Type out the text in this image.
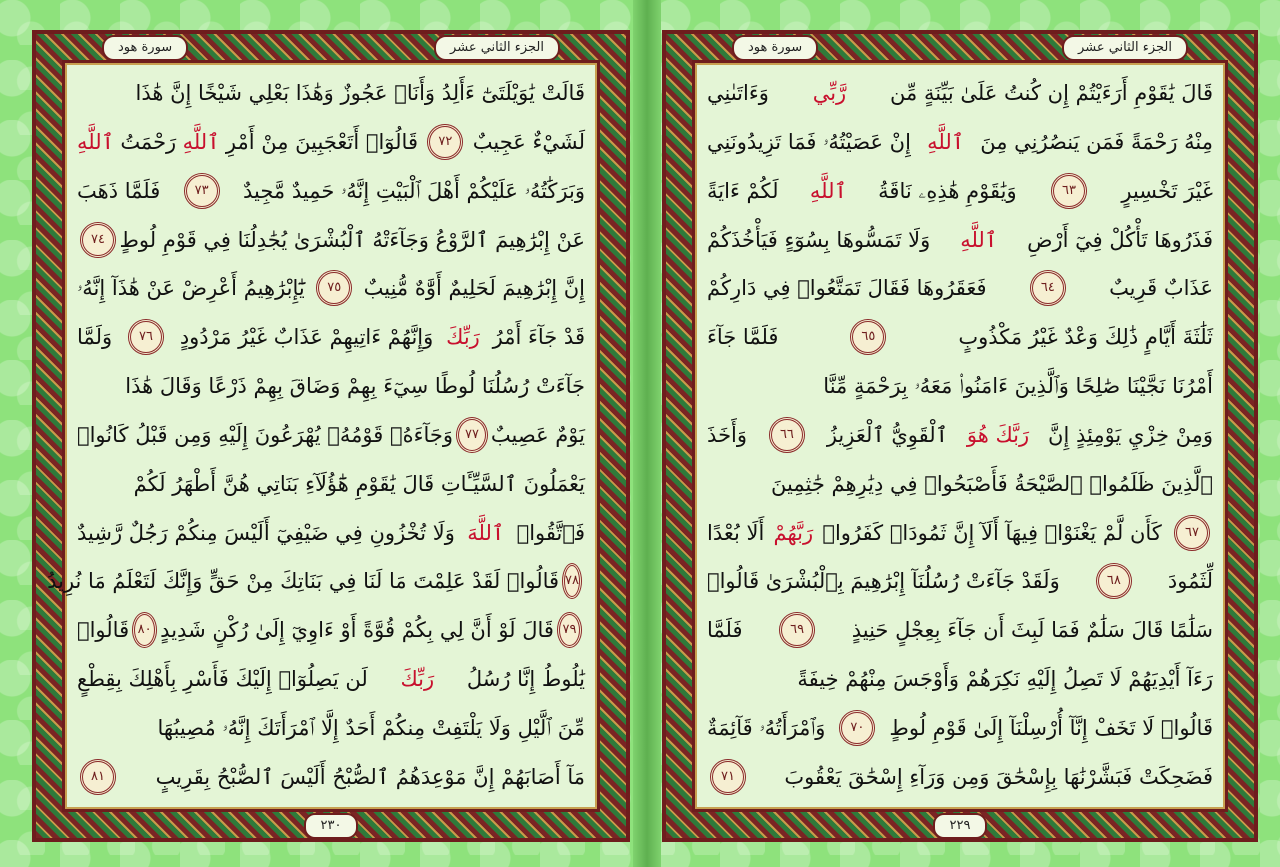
الجزء الثاني عشر
سورة هود
قَالَتْ يَٰوَيْلَتَىٰٓ ءَأَلِدُ وَأَنَا۠ عَجُوزٌ وَهَٰذَا بَعْلِي شَيْخًا إِنَّ هَٰذَا
لَشَيْءٌ عَجِيبٌ
٧٢
قَالُوٓا۟ أَتَعْجَبِينَ مِنْ أَمْرِ
ٱللَّهِ
رَحْمَتُ
ٱللَّهِ
وَبَرَكَٰتُهُۥ عَلَيْكُمْ أَهْلَ ٱلْبَيْتِ إِنَّهُۥ حَمِيدٌ مَّجِيدٌ
٧٣
فَلَمَّا ذَهَبَ
عَنْ إِبْرَٰهِيمَ ٱلرَّوْعُ وَجَآءَتْهُ ٱلْبُشْرَىٰ يُجَٰدِلُنَا فِي قَوْمِ لُوطٍ
٧٤
إِنَّ إِبْرَٰهِيمَ لَحَلِيمٌ أَوَّٰهٌ مُّنِيبٌ
٧٥
يَٰٓإِبْرَٰهِيمُ أَعْرِضْ عَنْ هَٰذَآ إِنَّهُۥ
قَدْ جَآءَ أَمْرُ
رَبِّكَ
وَإِنَّهُمْ ءَاتِيهِمْ عَذَابٌ غَيْرُ مَرْدُودٍ
٧٦
وَلَمَّا
جَآءَتْ رُسُلُنَا لُوطًا سِيٓءَ بِهِمْ وَضَاقَ بِهِمْ ذَرْعًا وَقَالَ هَٰذَا
يَوْمٌ عَصِيبٌ
٧٧
وَجَآءَهُۥ قَوْمُهُۥ يُهْرَعُونَ إِلَيْهِ وَمِن قَبْلُ كَانُوا۟
يَعْمَلُونَ ٱلسَّيِّـَٔاتِ قَالَ يَٰقَوْمِ هَٰٓؤُلَآءِ بَنَاتِي هُنَّ أَطْهَرُ لَكُمْ
فَٱتَّقُوا۟
ٱللَّهَ
وَلَا تُخْزُونِ فِي ضَيْفِيٓ أَلَيْسَ مِنكُمْ رَجُلٌ رَّشِيدٌ
٧٨
قَالُوا۟ لَقَدْ عَلِمْتَ مَا لَنَا فِي بَنَاتِكَ مِنْ حَقٍّ وَإِنَّكَ لَتَعْلَمُ مَا نُرِيدُ
٧٩
قَالَ لَوْ أَنَّ لِي بِكُمْ قُوَّةً أَوْ ءَاوِيٓ إِلَىٰ رُكْنٍ شَدِيدٍ
٨٠
قَالُوا۟
يَٰلُوطُ إِنَّا رُسُلُ
رَبِّكَ
لَن يَصِلُوٓا۟ إِلَيْكَ فَأَسْرِ بِأَهْلِكَ بِقِطْعٍ
مِّنَ ٱلَّيْلِ وَلَا يَلْتَفِتْ مِنكُمْ أَحَدٌ إِلَّا ٱمْرَأَتَكَ إِنَّهُۥ مُصِيبُهَا
مَآ أَصَابَهُمْ إِنَّ مَوْعِدَهُمُ ٱلصُّبْحُ أَلَيْسَ ٱلصُّبْحُ بِقَرِيبٍ
٨١
٢٣٠
الجزء الثاني عشر
سورة هود
قَالَ يَٰقَوْمِ أَرَءَيْتُمْ إِن كُنتُ عَلَىٰ بَيِّنَةٍ مِّن
رَّبِّي
وَءَاتَىٰنِي
مِنْهُ رَحْمَةً فَمَن يَنصُرُنِي مِنَ
ٱللَّهِ
إِنْ عَصَيْتُهُۥ فَمَا تَزِيدُونَنِي
غَيْرَ تَخْسِيرٍ
٦٣
وَيَٰقَوْمِ هَٰذِهِۦ نَاقَةُ
ٱللَّهِ
لَكُمْ ءَايَةً
فَذَرُوهَا تَأْكُلْ فِيٓ أَرْضِ
ٱللَّهِ
وَلَا تَمَسُّوهَا بِسُوٓءٍ فَيَأْخُذَكُمْ
عَذَابٌ قَرِيبٌ
٦٤
فَعَقَرُوهَا فَقَالَ تَمَتَّعُوا۟ فِي دَارِكُمْ
ثَلَٰثَةَ أَيَّامٍ ذَٰلِكَ وَعْدٌ غَيْرُ مَكْذُوبٍ
٦٥
فَلَمَّا جَآءَ
أَمْرُنَا نَجَّيْنَا صَٰلِحًا وَٱلَّذِينَ ءَامَنُوا۟ مَعَهُۥ بِرَحْمَةٍ مِّنَّا
وَمِنْ خِزْيِ يَوْمِئِذٍ إِنَّ
رَبَّكَ هُوَ
ٱلْقَوِيُّ ٱلْعَزِيزُ
٦٦
وَأَخَذَ
ٱلَّذِينَ ظَلَمُوا۟ ٱلصَّيْحَةُ فَأَصْبَحُوا۟ فِي دِيَٰرِهِمْ جَٰثِمِينَ
٦٧
كَأَن لَّمْ يَغْنَوْا۟ فِيهَآ أَلَآ إِنَّ ثَمُودَا۟ كَفَرُوا۟
رَبَّهُمْ
أَلَا بُعْدًا
لِّثَمُودَ
٦٨
وَلَقَدْ جَآءَتْ رُسُلُنَآ إِبْرَٰهِيمَ بِٱلْبُشْرَىٰ قَالُوا۟
سَلَٰمًا قَالَ سَلَٰمٌ فَمَا لَبِثَ أَن جَآءَ بِعِجْلٍ حَنِيذٍ
٦٩
فَلَمَّا
رَءَآ أَيْدِيَهُمْ لَا تَصِلُ إِلَيْهِ نَكِرَهُمْ وَأَوْجَسَ مِنْهُمْ خِيفَةً
قَالُوا۟ لَا تَخَفْ إِنَّآ أُرْسِلْنَآ إِلَىٰ قَوْمِ لُوطٍ
٧٠
وَٱمْرَأَتُهُۥ قَآئِمَةٌ
فَضَحِكَتْ فَبَشَّرْنَٰهَا بِإِسْحَٰقَ وَمِن وَرَآءِ إِسْحَٰقَ يَعْقُوبَ
٧١
٢٢٩
